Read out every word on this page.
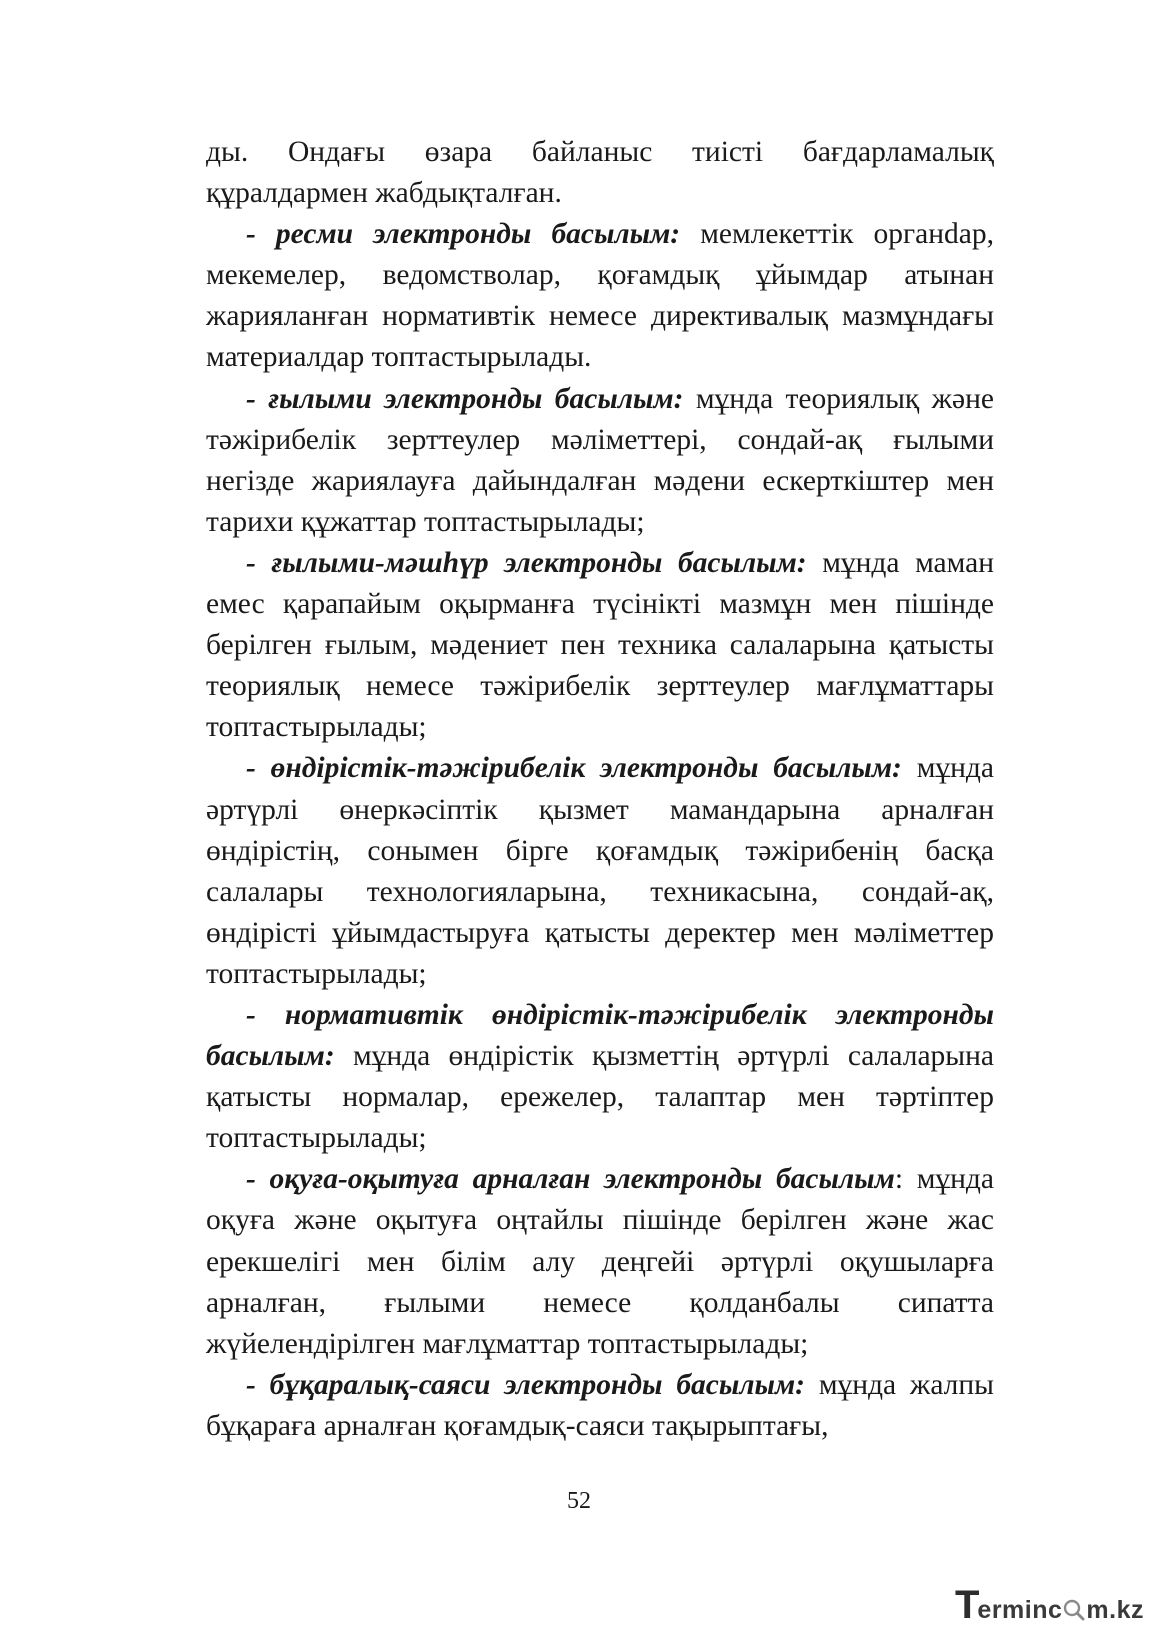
ды. Ондағы өзара байланыс тиісті бағдарламалық құралдармен жабдықталған.

- ресми электронды басылым: мемлекеттік органdар, мекемелер, ведомстволар, қоғамдық ұйымдар атынан жарияланған нормативтік немесе директивалық мазмұндағы материалдар топтастырылады.

- ғылыми электронды басылым: мұнда теориялық және тәжірибелік зерттеулер мәліметтері, сондай-ақ ғылыми негізде жариялауға дайындалған мәдени ескерткіштер мен тарихи құжаттар топтастырылады;

- ғылыми-мәшһүр электронды басылым: мұнда маман емес қарапайым оқырманға түсінікті мазмұн мен пішінде берілген ғылым, мәдениет пен техника салаларына қатысты теориялық немесе тәжірибелік зерттеулер мағлұматтары топтастырылады;

- өндірістік-тәжірибелік электронды басылым: мұнда әртүрлі өнеркәсіптік қызмет мамандарына арналған өндірістің, сонымен бірге қоғамдық тәжірибенің басқа салалары технологияларына, техникасына, сондай-ақ, өндірісті ұйымдастыруға қатысты деректер мен мәліметтер топтастырылады;

- нормативтік өндірістік-тәжірибелік электронды басылым: мұнда өндірістік қызметтің әртүрлі салаларына қатысты нормалар, ережелер, талаптар мен тәртіптер топтастырылады;

- оқуға-оқытуға арналған электронды басылым: мұнда оқуға және оқытуға оңтайлы пішінде берілген және жас ерекшелігі мен білім алу деңгейі әртүрлі оқушыларға арналған, ғылыми немесе қолданбалы сипатта жүйелендірілген мағлұматтар топтастырылады;

- бұқаралық-саяси электронды басылым: мұнда жалпы бұқараға арналған қоғамдық-саяси тақырыптағы,

52
T erminc m.kz
